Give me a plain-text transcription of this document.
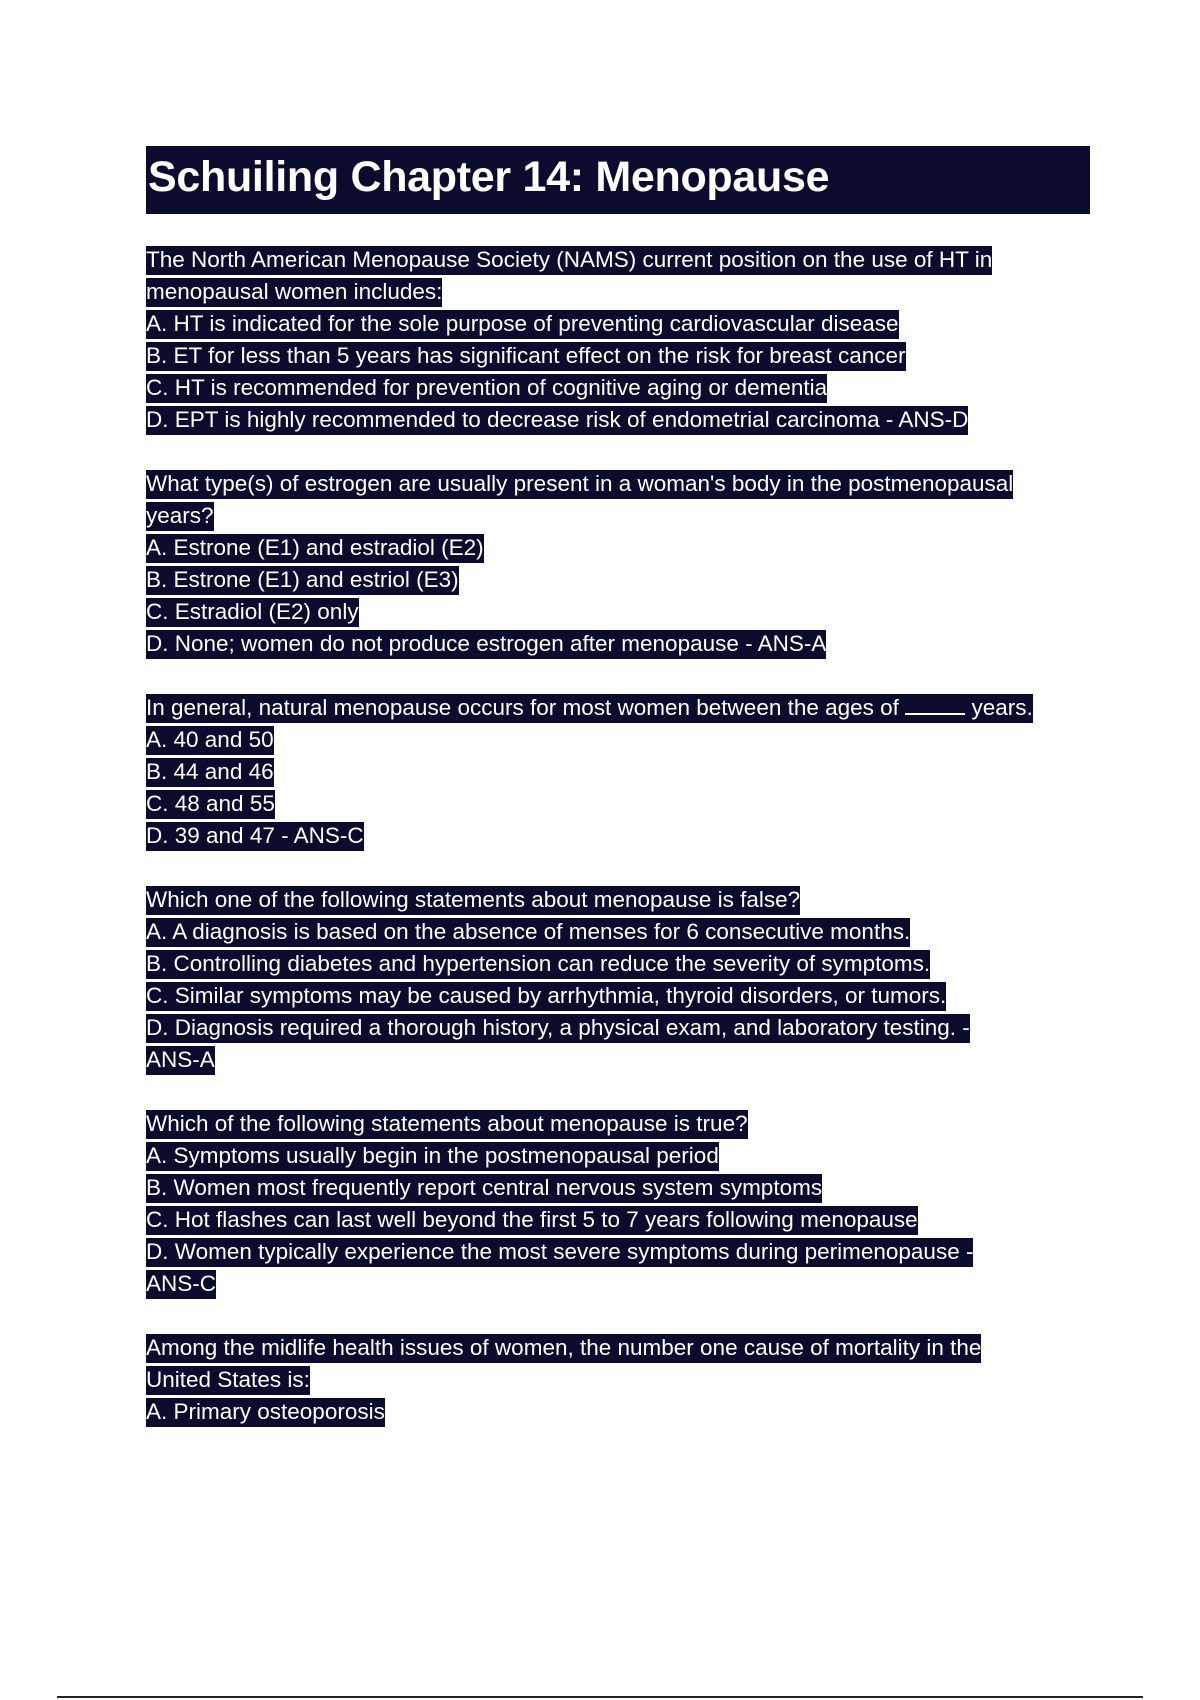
Schuiling Chapter 14: Menopause
The North American Menopause Society (NAMS) current position on the use of HT in
menopausal women includes:
A. HT is indicated for the sole purpose of preventing cardiovascular disease
B. ET for less than 5 years has significant effect on the risk for breast cancer
C. HT is recommended for prevention of cognitive aging or dementia
D. EPT is highly recommended to decrease risk of endometrial carcinoma - ANS-D
What type(s) of estrogen are usually present in a woman's body in the postmenopausal
years?
A. Estrone (E1) and estradiol (E2)
B. Estrone (E1) and estriol (E3)
C. Estradiol (E2) only
D. None; women do not produce estrogen after menopause - ANS-A
In general, natural menopause occurs for most women between the ages of	years.
A. 40 and 50
B. 44 and 46
C. 48 and 55
D. 39 and 47 - ANS-C
Which one of the following statements about menopause is false?
A. A diagnosis is based on the absence of menses for 6 consecutive months.
B. Controlling diabetes and hypertension can reduce the severity of symptoms.
C. Similar symptoms may be caused by arrhythmia, thyroid disorders, or tumors.
D. Diagnosis required a thorough history, a physical exam, and laboratory testing. -
ANS-A
Which of the following statements about menopause is true?
A. Symptoms usually begin in the postmenopausal period
B. Women most frequently report central nervous system symptoms
C. Hot flashes can last well beyond the first 5 to 7 years following menopause
D. Women typically experience the most severe symptoms during perimenopause -
ANS-C
Among the midlife health issues of women, the number one cause of mortality in the
United States is:
A. Primary osteoporosis
